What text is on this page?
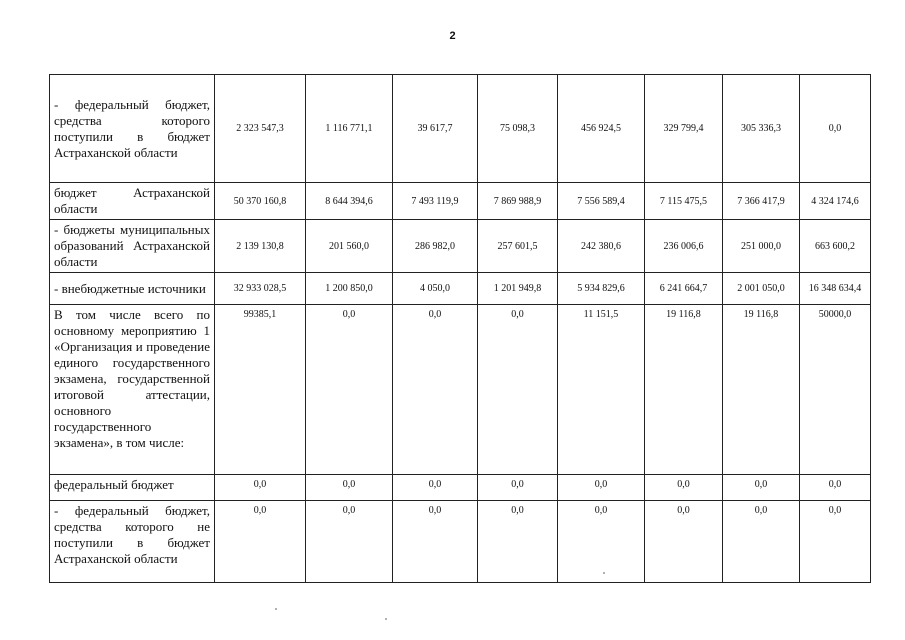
2
- федеральный бюджет, средства которого поступили в бюджет Астраханской области	2 323 547,3	1 116 771,1	39 617,7	75 098,3	456 924,5	329 799,4	305 336,3	0,0
бюджет Астраханской области	50 370 160,8	8 644 394,6	7 493 119,9	7 869 988,9	7 556 589,4	7 115 475,5	7 366 417,9	4 324 174,6
- бюджеты муниципальных образований Астраханской области	2 139 130,8	201 560,0	286 982,0	257 601,5	242 380,6	236 006,6	251 000,0	663 600,2
- внебюджетные источники	32 933 028,5	1 200 850,0	4 050,0	1 201 949,8	5 934 829,6	6 241 664,7	2 001 050,0	16 348 634,4
В том числе всего по основному мероприятию 1 «Организация и проведение единого государственного экзамена, государственной итоговой аттестации, основного государственного экзамена», в том числе:	99385,1	0,0	0,0	0,0	11 151,5	19 116,8	19 116,8	50000,0
федеральный бюджет	0,0	0,0	0,0	0,0	0,0	0,0	0,0	0,0
- федеральный бюджет, средства которого не поступили в бюджет Астраханской области	0,0	0,0	0,0	0,0	0,0	0,0	0,0	0,0
